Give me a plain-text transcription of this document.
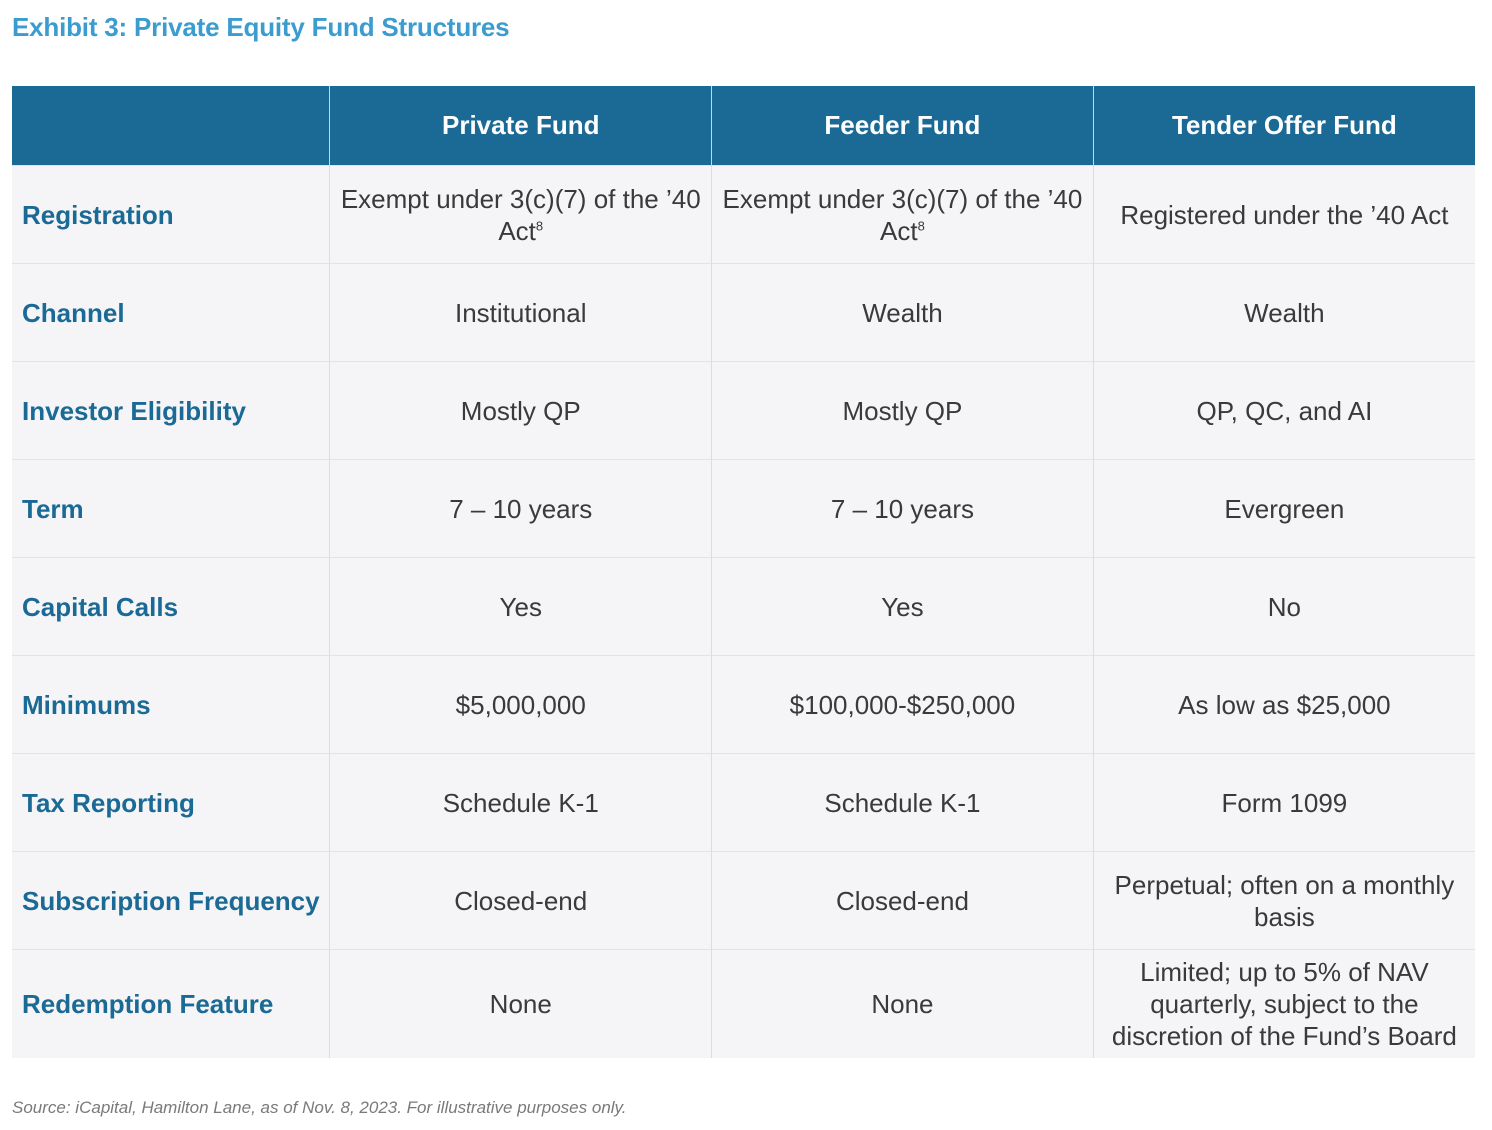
Exhibit 3: Private Equity Fund Structures
	Private Fund	Feeder Fund	Tender Offer Fund
Registration	Exempt under 3(c)(7) of the ’40 Act$^8$	Exempt under 3(c)(7) of the ’40 Act$^8$	Registered under the ’40 Act
Channel	Institutional	Wealth	Wealth
Investor Eligibility	Mostly QP	Mostly QP	QP, QC, and AI
Term	7 – 10 years	7 – 10 years	Evergreen
Capital Calls	Yes	Yes	No
Minimums	$5,000,000	$100,000-$250,000	As low as $25,000
Tax Reporting	Schedule K-1	Schedule K-1	Form 1099
Subscription Frequency	Closed-end	Closed-end	Perpetual; often on a monthly basis
Redemption Feature	None	None	Limited; up to 5% of NAV quarterly, subject to the discretion of the Fund’s Board
Source: iCapital, Hamilton Lane, as of Nov. 8, 2023. For illustrative purposes only.
